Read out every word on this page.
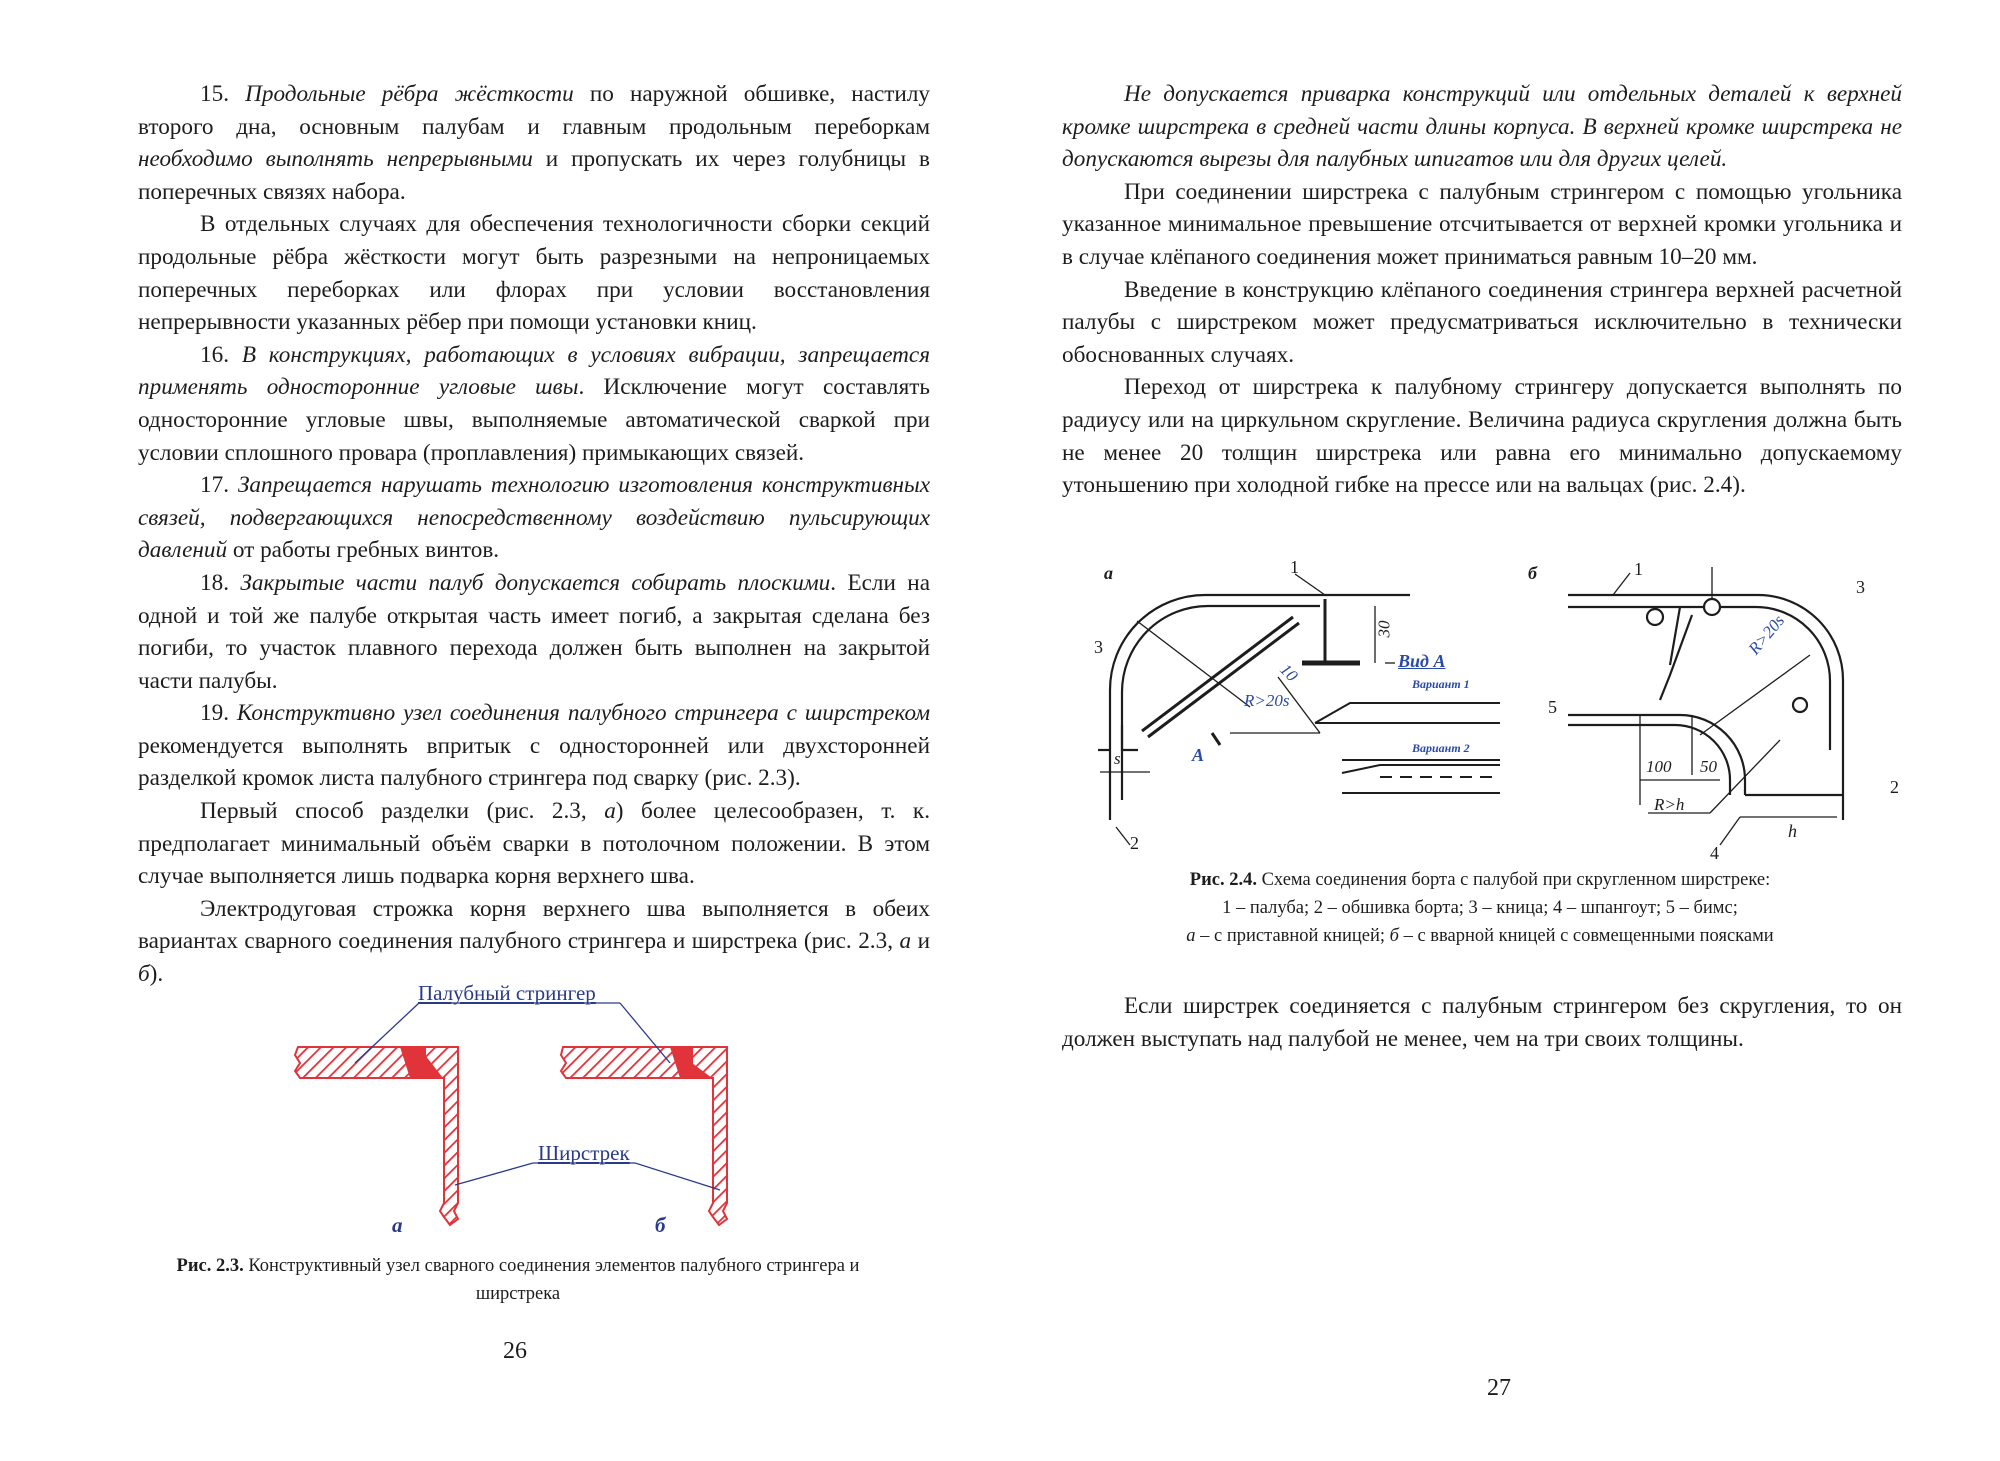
15. Продольные рёбра жёсткости по наружной обшивке, настилу второго дна, основным палубам и главным продольным переборкам необходимо выполнять непрерывными и пропускать их через голубницы в поперечных связях набора.

В отдельных случаях для обеспечения технологичности сборки секций продольные рёбра жёсткости могут быть разрезными на непроницаемых поперечных переборках или флорах при условии восстановления непрерывности указанных рёбер при помощи установки книц.

16. В конструкциях, работающих в условиях вибрации, запрещается применять односторонние угловые швы. Исключение могут составлять односторонние угловые швы, выполняемые автоматической сваркой при условии сплошного провара (проплавления) примыкающих связей.

17. Запрещается нарушать технологию изготовления конструктивных связей, подвергающихся непосредственному воздействию пульсирующих давлений от работы гребных винтов.

18. Закрытые части палуб допускается собирать плоскими. Если на одной и той же палубе открытая часть имеет погиб, а закрытая сделана без погиби, то участок плавного перехода должен быть выполнен на закрытой части палубы.

19. Конструктивно узел соединения палубного стрингера с ширстреком рекомендуется выполнять впритык с односторонней или двухсторонней разделкой кромок листа палубного стрингера под сварку (рис. 2.3).

Первый способ разделки (рис. 2.3, а) более целесообразен, т. к. предполагает минимальный объём сварки в потолочном положении. В этом случае выполняется лишь подварка корня верхнего шва.

Электродуговая строжка корня верхнего шва выполняется в обеих вариантах сварного соединения палубного стрингера и ширстрека (рис. 2.3, а и б).

Палубный стрингер
Ширстрек
а	б
Рис. 2.3. Конструктивный узел сварного соединения элементов палубного стрингера и ширстрека
26

Не допускается приварка конструкций или отдельных деталей к верхней кромке ширстрека в средней части длины корпуса. В верхней кромке ширстрека не допускаются вырезы для палубных шпигатов или для других целей.

При соединении ширстрека с палубным стрингером с помощью угольника указанное минимальное превышение отсчитывается от верхней кромки угольника и в случае клёпаного соединения может приниматься равным 10–20 мм.

Введение в конструкцию клёпаного соединения стрингера верхней расчетной палубы с ширстреком может предусматриваться исключительно в технически обоснованных случаях.

Переход от ширстрека к палубному стрингеру допускается выполнять по радиусу или на циркульном скругление. Величина радиуса скругления должна быть не менее 20 толщин ширстрека или равна его минимально допускаемому утоньшению при холодной гибке на прессе или на вальцах (рис. 2.4).

а	б
1
3
2
30
10
R>20s
s	A
Вид А
Вариант 1
Вариант 2
1
3
5
2
4
R>20s
100 50
R>h
h
Рис. 2.4. Схема соединения борта с палубой при скругленном ширстреке:
1 – палуба; 2 – обшивка борта; 3 – кница; 4 – шпангоут; 5 – бимс;
а – с приставной кницей; б – с вварной кницей с совмещенными поясками

Если ширстрек соединяется с палубным стрингером без скругления, то он должен выступать над палубой не менее, чем на три своих толщины.

27
